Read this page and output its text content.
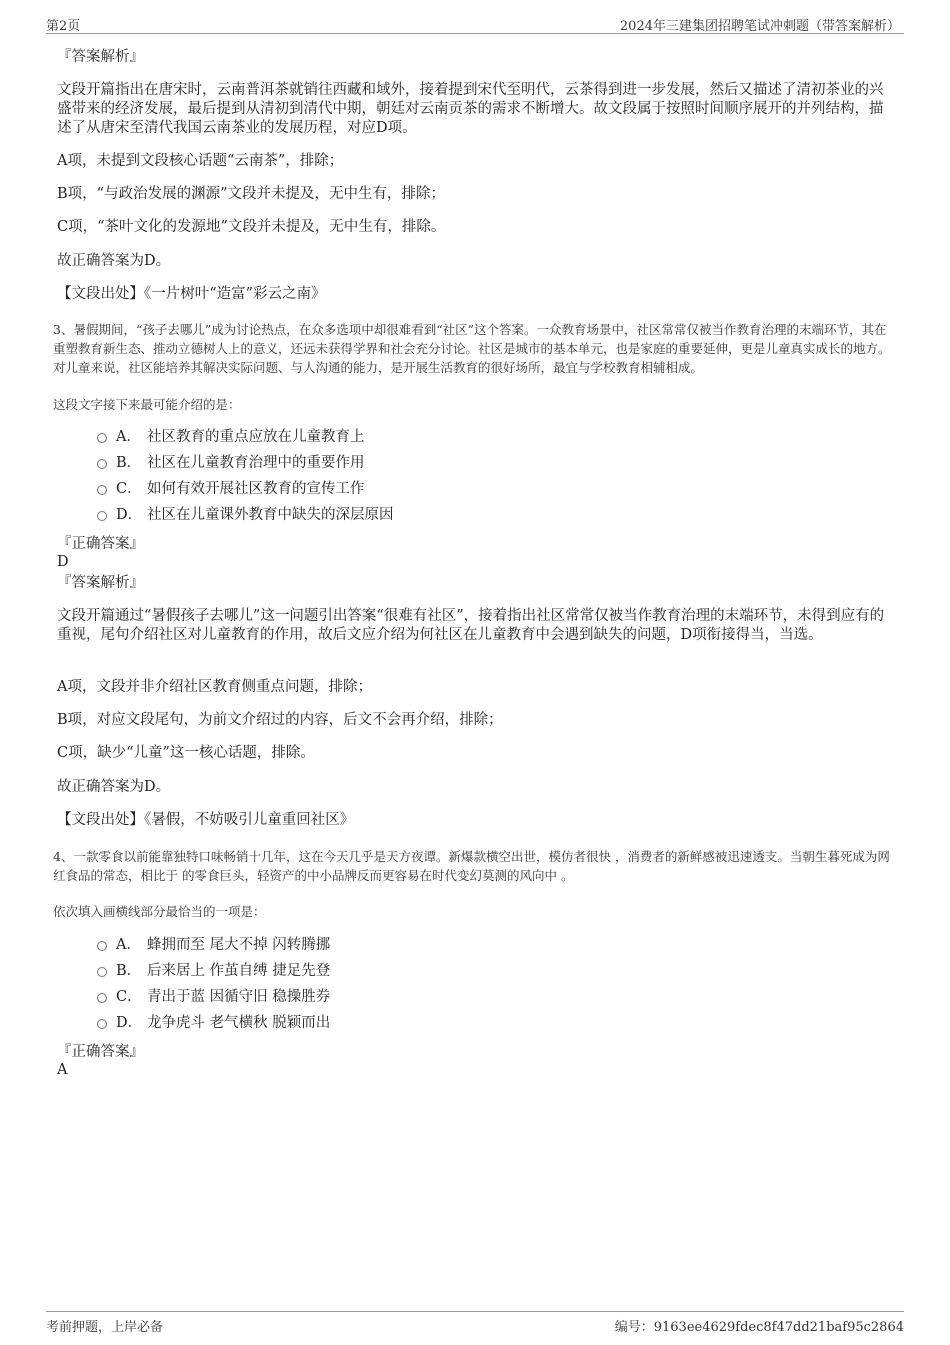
第2页	2024年三建集团招聘笔试冲刺题（带答案解析）
『答案解析』
文段开篇指出在唐宋时，云南普洱茶就销往西藏和域外，接着提到宋代至明代，云茶得到进一步发展，然后又描述了清初茶业的兴盛带来的经济发展，最后提到从清初到清代中期，朝廷对云南贡茶的需求不断增大。故文段属于按照时间顺序展开的并列结构，描述了从唐宋至清代我国云南茶业的发展历程，对应D项。
A项，未提到文段核心话题“云南茶”，排除；
B项，“与政治发展的渊源”文段并未提及，无中生有，排除；
C项，“茶叶文化的发源地”文段并未提及，无中生有，排除。
故正确答案为D。
【文段出处】《一片树叶“造富”彩云之南》
3、暑假期间，“孩子去哪儿”成为讨论热点，在众多选项中却很难看到“社区”这个答案。一众教育场景中，社区常常仅被当作教育治理的末端环节，其在重塑教育新生态、推动立德树人上的意义，还远未获得学界和社会充分讨论。社区是城市的基本单元，也是家庭的重要延伸，更是儿童真实成长的地方。对儿童来说，社区能培养其解决实际问题、与人沟通的能力，是开展生活教育的很好场所，最宜与学校教育相辅相成。
这段文字接下来最可能介绍的是：
A． 社区教育的重点应放在儿童教育上
B． 社区在儿童教育治理中的重要作用
C． 如何有效开展社区教育的宣传工作
D． 社区在儿童课外教育中缺失的深层原因
『正确答案』
D
『答案解析』
文段开篇通过“暑假孩子去哪儿”这一问题引出答案“很难有社区”，接着指出社区常常仅被当作教育治理的末端环节，未得到应有的重视，尾句介绍社区对儿童教育的作用，故后文应介绍为何社区在儿童教育中会遇到缺失的问题，D项衔接得当，当选。
A项，文段并非介绍社区教育侧重点问题，排除；
B项，对应文段尾句，为前文介绍过的内容，后文不会再介绍，排除；
C项，缺少“儿童”这一核心话题，排除。
故正确答案为D。
【文段出处】《暑假，不妨吸引儿童重回社区》
4、一款零食以前能靠独特口味畅销十几年，这在今天几乎是天方夜谭。新爆款横空出世，模仿者很快 ，消费者的新鲜感被迅速透支。当朝生暮死成为网红食品的常态，相比于 的零食巨头，轻资产的中小品牌反而更容易在时代变幻莫测的风向中 。
依次填入画横线部分最恰当的一项是：
A． 蜂拥而至 尾大不掉 闪转腾挪
B． 后来居上 作茧自缚 捷足先登
C． 青出于蓝 因循守旧 稳操胜券
D． 龙争虎斗 老气横秋 脱颖而出
『正确答案』
A
考前押题，上岸必备	编号：9163ee4629fdec8f47dd21baf95c2864
